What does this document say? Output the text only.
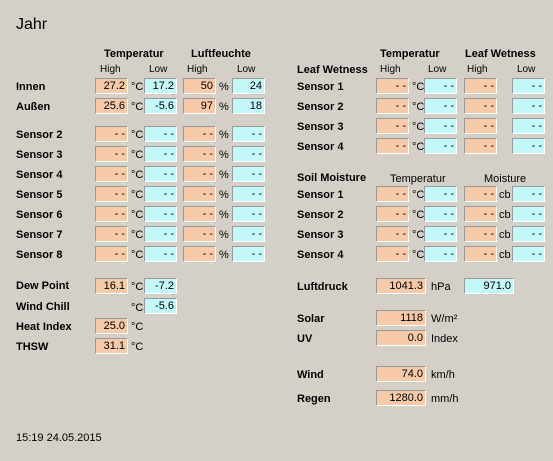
Jahr
Temperatur Luftfeuchte
High	Low High	Low
Innen	27.2 °C 17.2	50 %	24
Außen	25.6 °C	-5.6	97 %	18
Sensor 2	- - °C	- -	- - %	- -
Sensor 3	- - °C	- -	- - %	- -
Sensor 4	- - °C	- -	- - %	- -
Sensor 5	- - °C	- -	- - %	- -
Sensor 6	- - °C	- -	- - %	- -
Sensor 7	- - °C	- -	- - %	- -
Sensor 8	- - °C	- -	- - %	- -
Dew Point	16.1 °C	-7.2
Wind Chill	°C	-5.6
Heat Index	25.0 °C
THSW	31.1 °C
Temperatur Leaf Wetness
Leaf Wetness High	Low High	Low
Sensor 1	- - °C	- -	- -	- -
Sensor 2	- - °C	- -	- -	- -
Sensor 3	- - °C	- -	- -	- -
Sensor 4	- - °C	- -	- -	- -
Soil Moisture Temperatur	Moisture
Sensor 1	- - °C	- -	- - cb	- -
Sensor 2	- - °C	- -	- - cb	- -
Sensor 3	- - °C	- -	- - cb	- -
Sensor 4	- - °C	- -	- - cb	- -
Luftdruck	1041.3 hPa	971.0
Solar	1118 W/m²
UV	0.0 Index
Wind	74.0 km/h
Regen	1280.0 mm/h
15:19 24.05.2015
